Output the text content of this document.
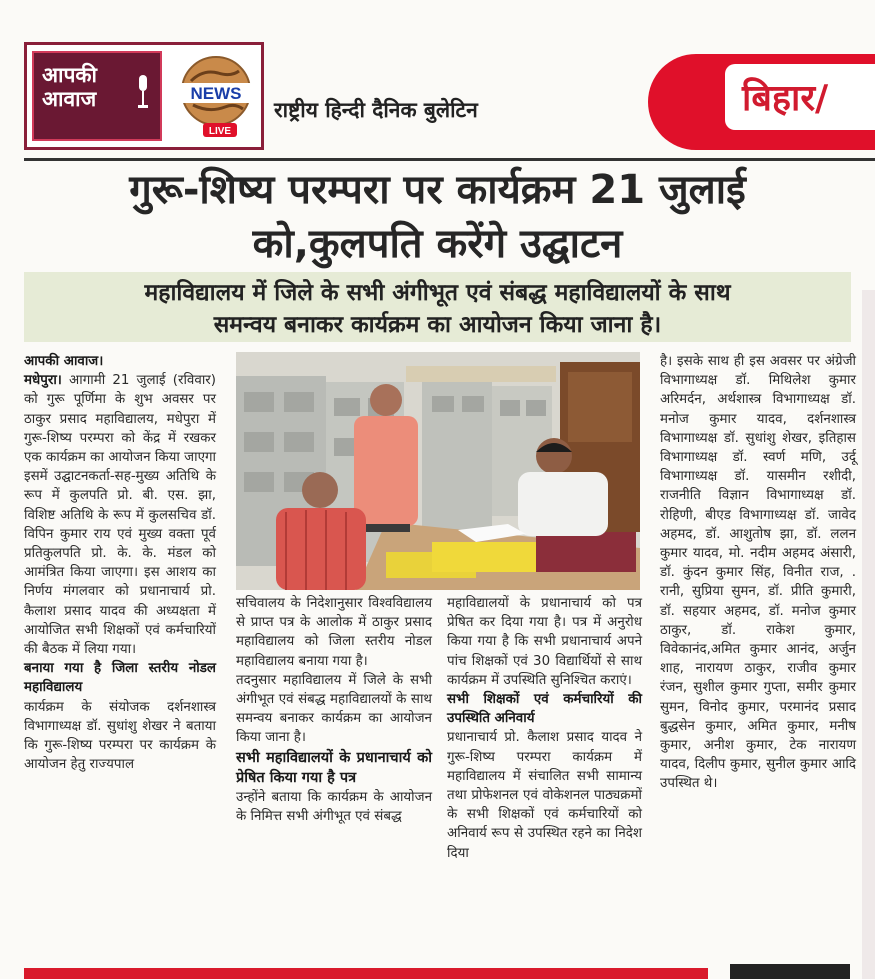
आपकी
आवाज	NEWS
LIVE
राष्ट्रीय हिन्दी दैनिक बुलेटिन	बिहार/
गुरू-शिष्य परम्परा पर कार्यक्रम 21 जुलाई
को,कुलपति करेंगे उद्घाटन
महाविद्यालय में जिले के सभी अंगीभूत एवं संबद्ध महाविद्यालयों के साथ
समन्वय बनाकर कार्यक्रम का आयोजन किया जाना है।

आपकी आवाज।

मधेपुरा। आगामी 21 जुलाई (रविवार) को गुरू पूर्णिमा के शुभ अवसर पर ठाकुर प्रसाद महाविद्यालय, मधेपुरा में गुरू-शिष्य परम्परा को केंद्र में रखकर एक कार्यक्रम का आयोजन किया जाएगा इसमें उद्घाटनकर्ता-सह-मुख्य अतिथि के रूप में कुलपति प्रो. बी. एस. झा, विशिष्ट अतिथि के रूप में कुलसचिव डॉ. विपिन कुमार राय एवं मुख्य वक्ता पूर्व प्रतिकुलपति प्रो. के. के. मंडल को आमंत्रित किया जाएगा। इस आशय का निर्णय मंगलवार को प्रधानाचार्य प्रो. कैलाश प्रसाद यादव की अध्यक्षता में आयोजित सभी शिक्षकों एवं कर्मचारियों की बैठक में लिया गया।

बनाया गया है जिला स्तरीय नोडल महाविद्यालय

कार्यक्रम के संयोजक दर्शनशास्त्र विभागाध्यक्ष डॉ. सुधांशु शेखर ने बताया कि गुरू-शिष्य परम्परा पर कार्यक्रम के आयोजन हेतु राज्यपाल

सचिवालय के निदेशानुसार विश्वविद्यालय से प्राप्त पत्र के आलोक में ठाकुर प्रसाद महाविद्यालय को जिला स्तरीय नोडल महाविद्यालय बनाया गया है।

तदनुसार महाविद्यालय में जिले के सभी अंगीभूत एवं संबद्ध महाविद्यालयों के साथ समन्वय बनाकर कार्यक्रम का आयोजन किया जाना है।

सभी महाविद्यालयों के प्रधानाचार्य को प्रेषित किया गया है पत्र

उन्होंने बताया कि कार्यक्रम के आयोजन के निमित्त सभी अंगीभूत एवं संबद्ध

महाविद्यालयों के प्रधानाचार्य को पत्र प्रेषित कर दिया गया है। पत्र में अनुरोध किया गया है कि सभी प्रधानाचार्य अपने पांच शिक्षकों एवं 30 विद्यार्थियों से साथ कार्यक्रम में उपस्थिति सुनिश्चित कराएं।

सभी शिक्षकों एवं कर्मचारियों की उपस्थिति अनिवार्य

प्रधानाचार्य प्रो. कैलाश प्रसाद यादव ने गुरू-शिष्य परम्परा कार्यक्रम में महाविद्यालय में संचालित सभी सामान्य तथा प्रोफेशनल एवं वोकेशनल पाठ्यक्रमों के सभी शिक्षकों एवं कर्मचारियों को अनिवार्य रूप से उपस्थित रहने का निदेश दिया

है। इसके साथ ही इस अवसर पर अंग्रेजी विभागाध्यक्ष डॉ. मिथिलेश कुमार अरिमर्दन, अर्थशास्त्र विभागाध्यक्ष डॉ. मनोज कुमार यादव, दर्शनशास्त्र विभागाध्यक्ष डॉ. सुधांशु शेखर, इतिहास विभागाध्यक्ष डॉ. स्वर्ण मणि, उर्दू विभागाध्यक्ष डॉ. यासमीन रशीदी, राजनीति विज्ञान विभागाध्यक्ष डॉ. रोहिणी, बीएड विभागाध्यक्ष डॉ. जावेद अहमद, डॉ. आशुतोष झा, डॉ. ललन कुमार यादव, मो. नदीम अहमद अंसारी, डॉ. कुंदन कुमार सिंह, विनीत राज, . रानी, सुप्रिया सुमन, डॉ. प्रीति कुमारी, डॉ. सहयार अहमद, डॉ. मनोज कुमार ठाकुर, डॉ. राकेश कुमार, विवेकानंद,अमित कुमार आनंद, अर्जुन शाह, नारायण ठाकुर, राजीव कुमार रंजन, सुशील कुमार गुप्ता, समीर कुमार सुमन, विनोद कुमार, परमानंद प्रसाद बुद्धसेन कुमार, अमित कुमार, मनीष कुमार, अनीश कुमार, टेक नारायण यादव, दिलीप कुमार, सुनील कुमार आदि उपस्थित थे।
